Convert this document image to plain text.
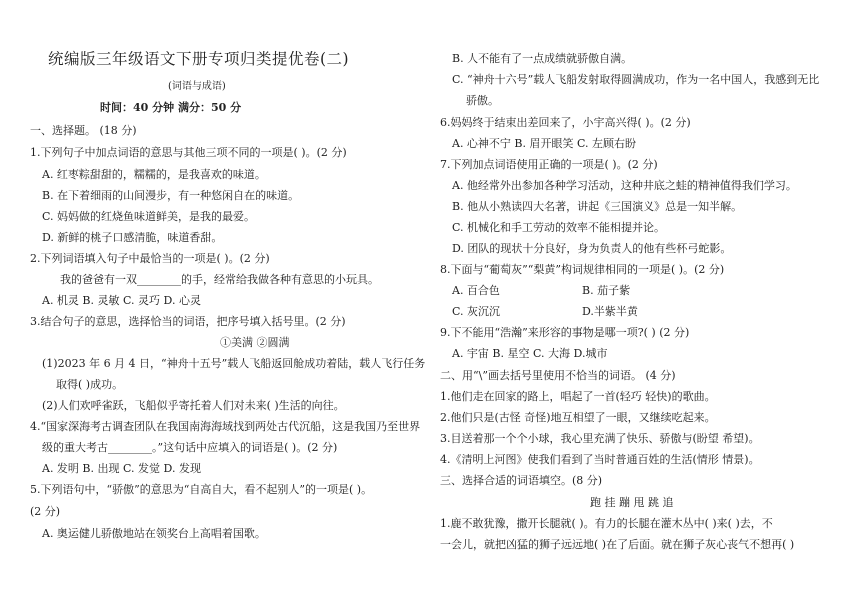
统编版三年级语文下册专项归类提优卷(二)
(词语与成语)
时间：40 分钟 满分：50 分
一、选择题。 (18 分)
1.下列句子中加点词语的意思与其他三项不同的一项是( )。(2 分)
A. 红枣粽甜甜的，糯糯的，是我喜欢的味道。
B. 在下着细雨的山间漫步，有一种悠闲自在的味道。
C. 妈妈做的红烧鱼味道鲜美，是我的最爱。
D. 新鲜的桃子口感清脆，味道香甜。
2.下列词语填入句子中最恰当的一项是( )。(2 分)
我的爸爸有一双________的手，经常给我做各种有意思的小玩具。
A. 机灵 B. 灵敏 C. 灵巧 D. 心灵
3.结合句子的意思，选择恰当的词语，把序号填入括号里。(2 分)
①美满 ②圆满
(1)2023 年 6 月 4 日，“神舟十五号”载人飞船返回舱成功着陆，载人飞行任务
取得( )成功。
(2)人们欢呼雀跃，飞船似乎寄托着人们对未来( )生活的向往。
4.“国家深海考古调查团队在我国南海海域找到两处古代沉船，这是我国乃至世界
级的重大考古________。”这句话中应填入的词语是( )。(2 分)
A. 发明 B. 出现 C. 发觉 D. 发现
5.下列语句中，“骄傲”的意思为“自高自大，看不起别人”的一项是( )。
(2 分)
A. 奥运健儿骄傲地站在领奖台上高唱着国歌。
B. 人不能有了一点成绩就骄傲自满。
C. “神舟十六号”载人飞船发射取得圆满成功，作为一名中国人，我感到无比
骄傲。
6.妈妈终于结束出差回来了，小宇高兴得( )。(2 分)
A. 心神不宁 B. 眉开眼笑 C. 左顾右盼
7.下列加点词语使用正确的一项是( )。(2 分)
A. 他经常外出参加各种学习活动，这种井底之蛙的精神值得我们学习。
B. 他从小熟读四大名著，讲起《三国演义》总是一知半解。
C. 机械化和手工劳动的效率不能相提并论。
D. 团队的现状十分良好，身为负责人的他有些杯弓蛇影。
8.下面与“葡萄灰”“梨黄”构词规律相同的一项是( )。(2 分)
A. 百合色	B. 茄子紫
C. 灰沉沉	D.半紫半黄
9.下不能用“浩瀚”来形容的事物是哪一项?( ) (2 分)
A. 宇宙 B. 星空 C. 大海 D.城市
二、用“\”画去括号里使用不恰当的词语。 (4 分)
1.他们走在回家的路上，唱起了一首(轻巧 轻快)的歌曲。
2.他们只是(古怪 奇怪)地互相望了一眼，又继续吃起来。
3.目送着那一个个小球，我心里充满了快乐、骄傲与(盼望 希望)。
4.《清明上河图》使我们看到了当时普通百姓的生活(情形 情景)。
三、选择合适的词语填空。(8 分)
跑 挂 蹦 甩 跳 追
1.鹿不敢犹豫，撒开长腿就( )。有力的长腿在灌木丛中( )来( )去，不
一会儿，就把凶猛的狮子远远地( )在了后面。就在狮子灰心丧气不想再( )
